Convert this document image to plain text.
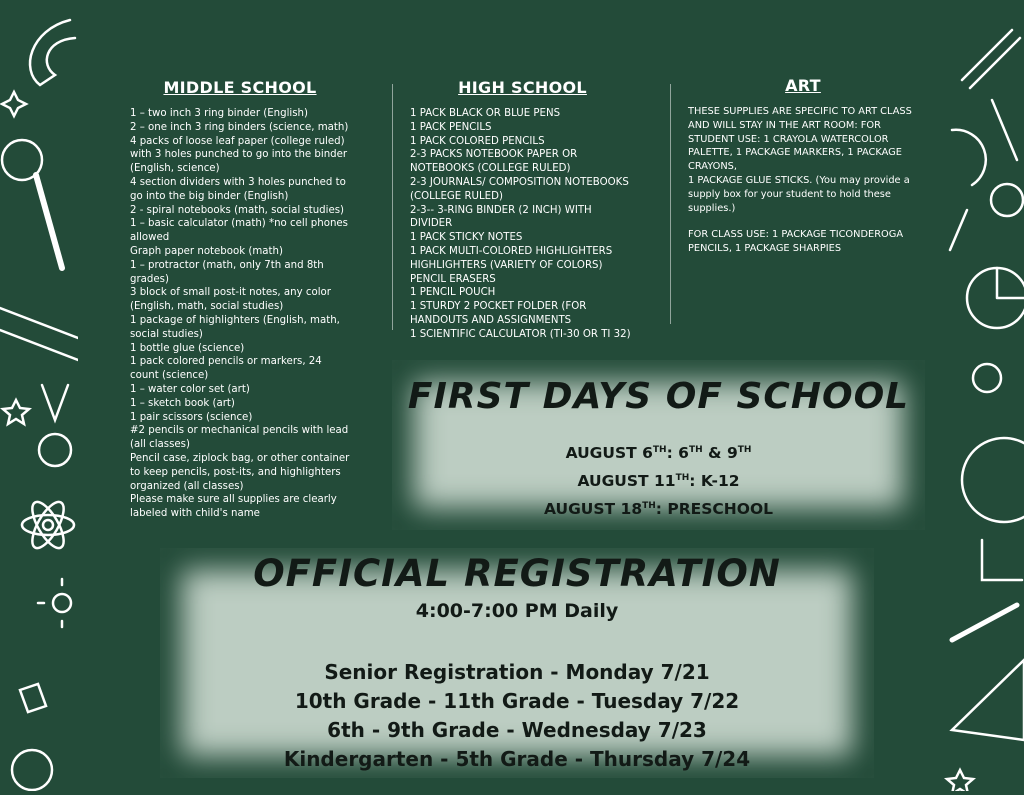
MIDDLE SCHOOL
1 – two inch 3 ring binder (English)
2 – one inch 3 ring binders (science, math)
4 packs of loose leaf paper (college ruled) with 3 holes punched to go into the binder (English, science)
4 section dividers with 3 holes punched to go into the big binder (English)
2 - spiral notebooks (math, social studies)
1 – basic calculator (math) *no cell phones allowed
Graph paper notebook (math)
1 – protractor (math, only 7th and 8th grades)
3 block of small post-it notes, any color (English, math, social studies)
1 package of highlighters (English, math, social studies)
1 bottle glue (science)
1 pack colored pencils or markers, 24 count (science)
1 – water color set (art)
1 – sketch book (art)
1 pair scissors (science)
#2 pencils or mechanical pencils with lead (all classes)
Pencil case, ziplock bag, or other container to keep pencils, post-its, and highlighters organized (all classes)
Please make sure all supplies are clearly labeled with child's name
HIGH SCHOOL
1 PACK BLACK OR BLUE PENS
1 PACK PENCILS
1 PACK COLORED PENCILS
2-3 PACKS NOTEBOOK PAPER OR NOTEBOOKS (COLLEGE RULED)
2-3 JOURNALS/ COMPOSITION NOTEBOOKS (COLLEGE RULED)
2-3-- 3-RING BINDER (2 INCH) WITH DIVIDER
1 PACK STICKY NOTES
1 PACK MULTI-COLORED HIGHLIGHTERS
HIGHLIGHTERS (VARIETY OF COLORS)
PENCIL ERASERS
1 PENCIL POUCH
1 STURDY 2 POCKET FOLDER (FOR HANDOUTS AND ASSIGNMENTS
1 SCIENTIFIC CALCULATOR (TI-30 OR TI 32)
ART
THESE SUPPLIES ARE SPECIFIC TO ART CLASS AND WILL STAY IN THE ART ROOM: FOR STUDENT USE: 1 CRAYOLA WATERCOLOR PALETTE, 1 PACKAGE MARKERS, 1 PACKAGE CRAYONS,
1 PACKAGE GLUE STICKS. (You may provide a supply box for your student to hold these supplies.)
FOR CLASS USE: 1 PACKAGE TICONDEROGA PENCILS, 1 PACKAGE SHARPIES
FIRST DAYS OF SCHOOL
AUGUST 6TH: 6TH & 9TH
AUGUST 11TH: K-12
AUGUST 18TH: PRESCHOOL
OFFICIAL REGISTRATION
4:00-7:00 PM Daily
Senior Registration - Monday 7/21
10th Grade - 11th Grade - Tuesday 7/22
6th - 9th Grade - Wednesday 7/23
Kindergarten - 5th Grade - Thursday 7/24
